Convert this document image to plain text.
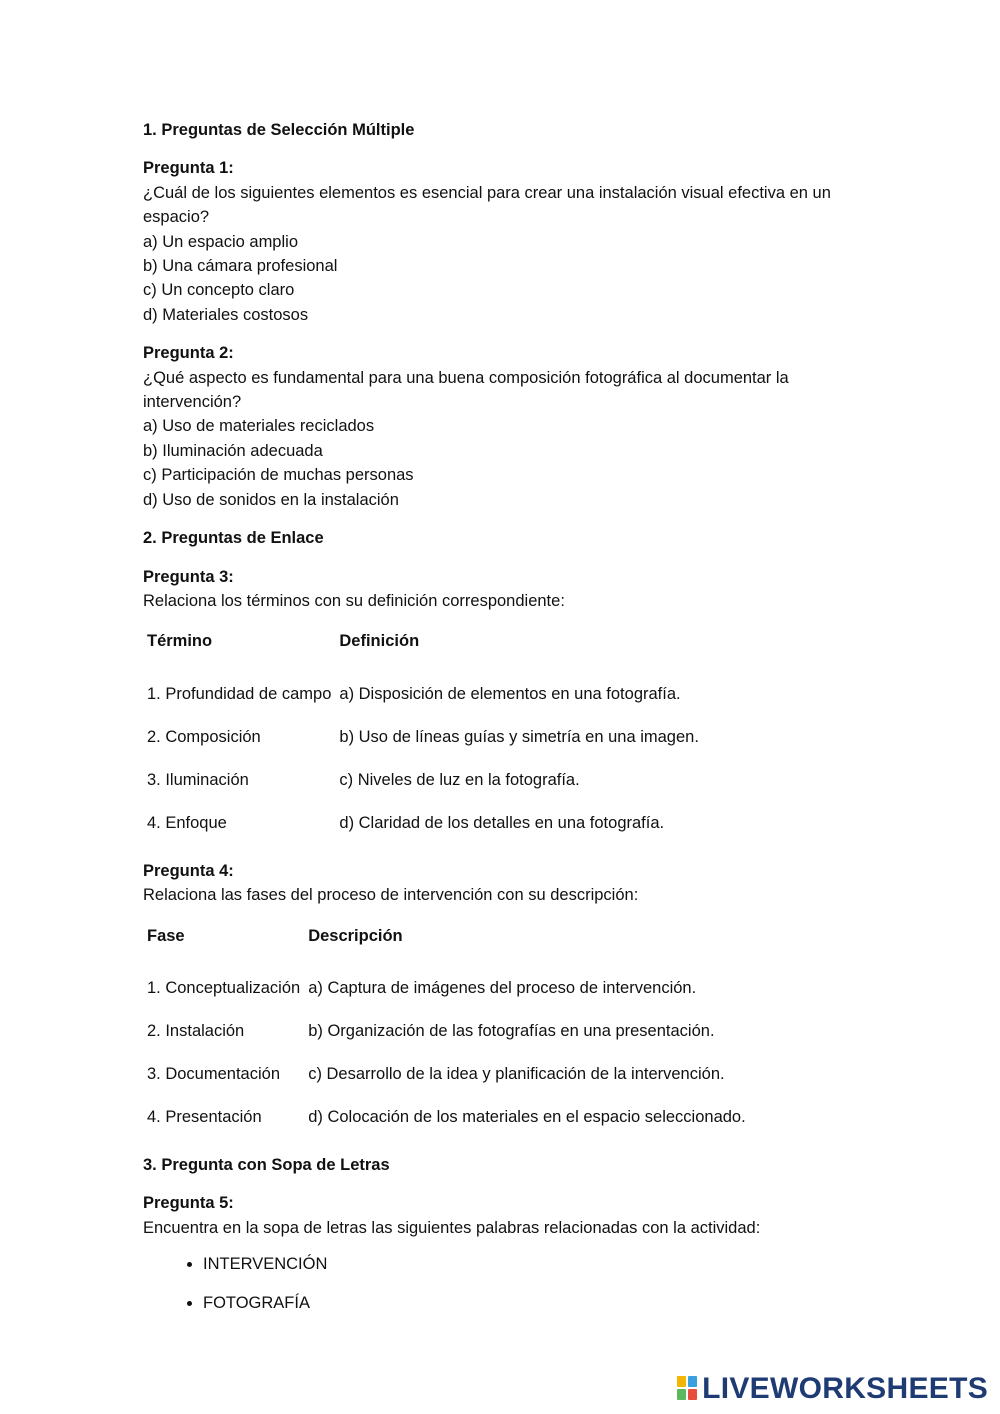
1. Preguntas de Selección Múltiple
Pregunta 1:
¿Cuál de los siguientes elementos es esencial para crear una instalación visual efectiva en un
espacio?
a) Un espacio amplio
b) Una cámara profesional
c) Un concepto claro
d) Materiales costosos
Pregunta 2:
¿Qué aspecto es fundamental para una buena composición fotográfica al documentar la
intervención?
a) Uso de materiales reciclados
b) Iluminación adecuada
c) Participación de muchas personas
d) Uso de sonidos en la instalación
2. Preguntas de Enlace
Pregunta 3:
Relaciona los términos con su definición correspondiente:
Término	Definición
1. Profundidad de campo	a) Disposición de elementos en una fotografía.
2. Composición	b) Uso de líneas guías y simetría en una imagen.
3. Iluminación	c) Niveles de luz en la fotografía.
4. Enfoque	d) Claridad de los detalles en una fotografía.
Pregunta 4:
Relaciona las fases del proceso de intervención con su descripción:
Fase	Descripción
1. Conceptualización	a) Captura de imágenes del proceso de intervención.
2. Instalación	b) Organización de las fotografías en una presentación.
3. Documentación	c) Desarrollo de la idea y planificación de la intervención.
4. Presentación	d) Colocación de los materiales en el espacio seleccionado.
3. Pregunta con Sopa de Letras
Pregunta 5:
Encuentra en la sopa de letras las siguientes palabras relacionadas con la actividad:
• INTERVENCIÓN
• FOTOGRAFÍA
LIVEWORKSHEETS
